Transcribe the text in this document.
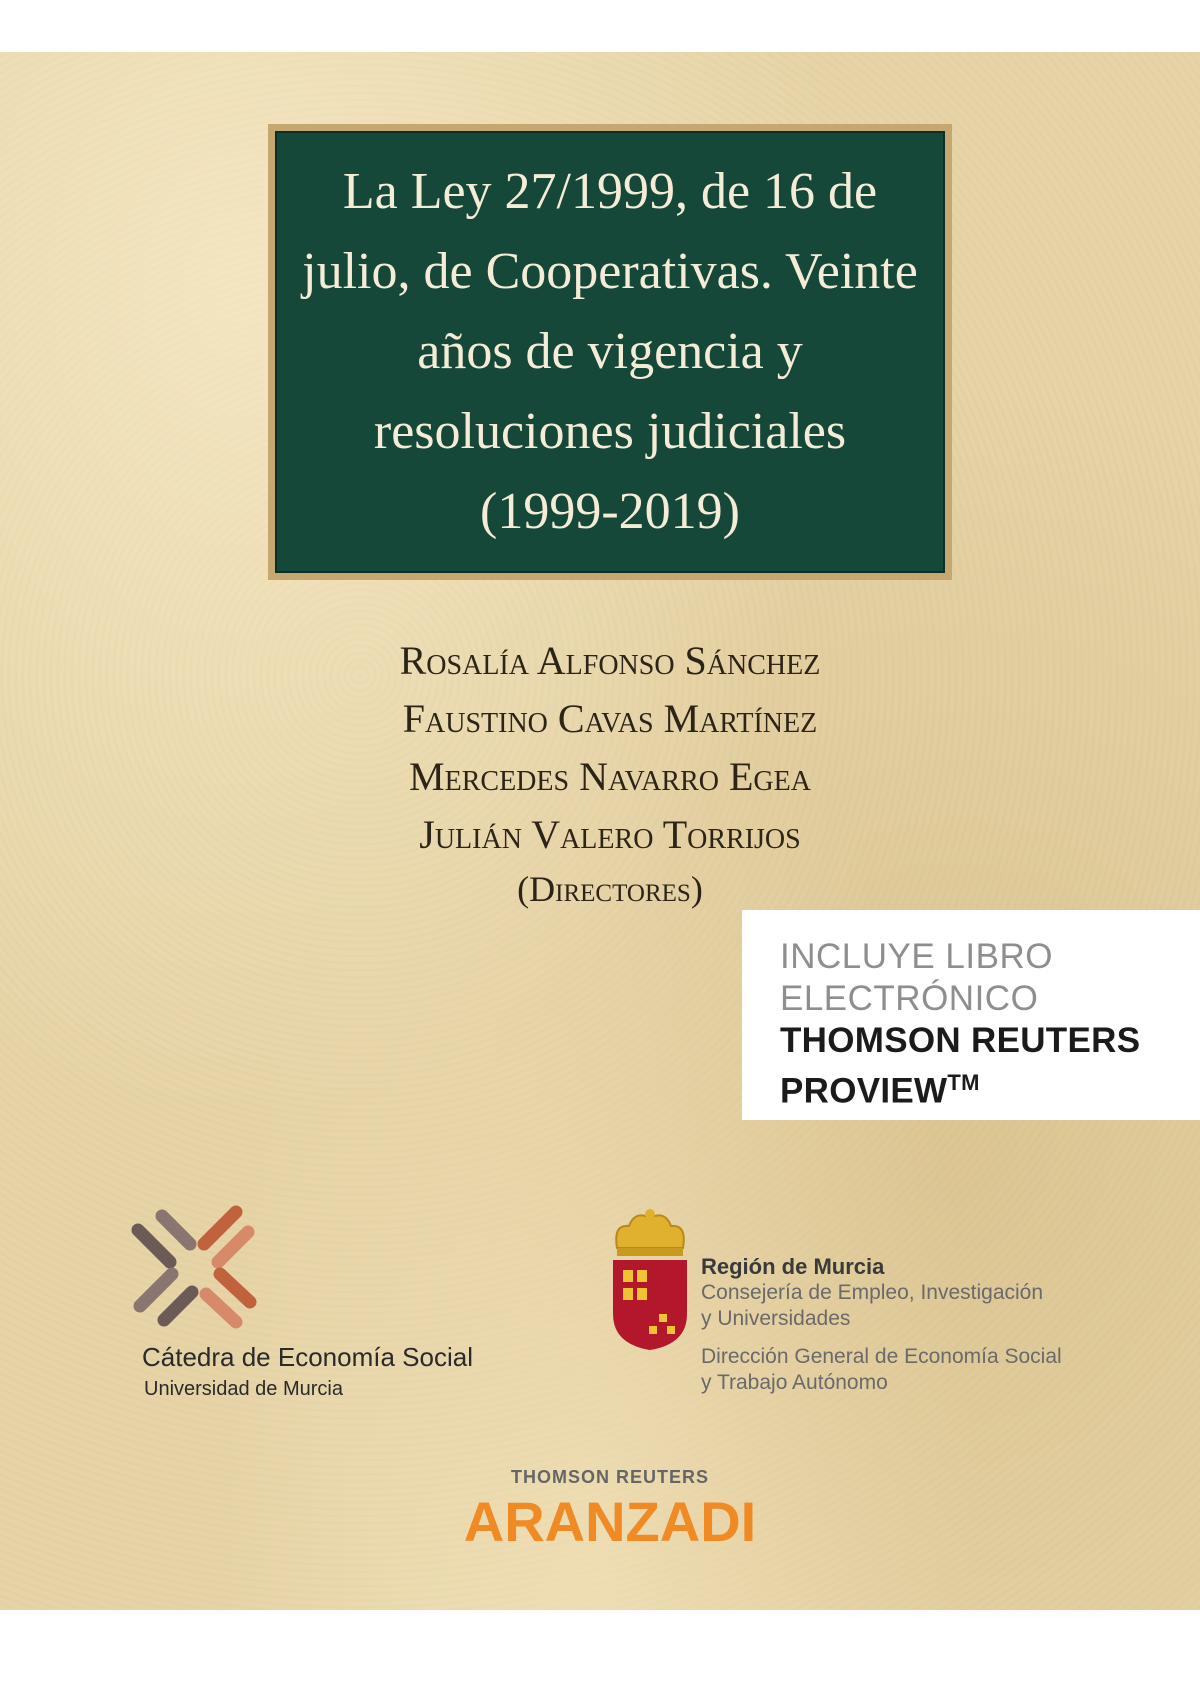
La Ley 27/1999, de 16 de julio, de Cooperativas. Veinte años de vigencia y resoluciones judiciales (1999-2019)
Rosalía Alfonso Sánchez
Faustino Cavas Martínez
Mercedes Navarro Egea
Julián Valero Torrijos
(Directores)
INCLUYE LIBRO
ELECTRÓNICO
THOMSON REUTERS
PROVIEW™
Cátedra de Economía Social
Universidad de Murcia
Región de Murcia
Consejería de Empleo, Investigación
y Universidades
Dirección General de Economía Social
y Trabajo Autónomo
THOMSON REUTERS
ARANZADI
